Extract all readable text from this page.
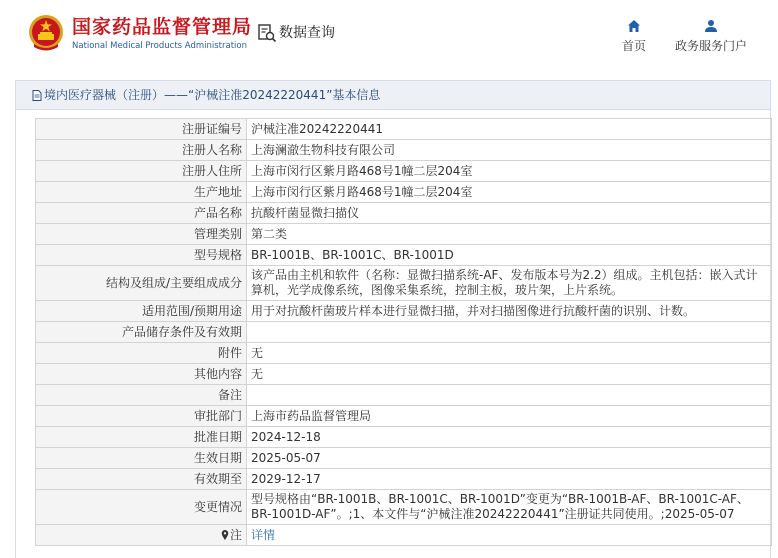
国家药品监督管理局
National Medical Products Administration
数据查询
首页 政务服务门户
境内医疗器械（注册）——“沪械注准20242220441”基本信息
注册证编号	沪械注准20242220441
注册人名称	上海澜澈生物科技有限公司
注册人住所	上海市闵行区紫月路468号1幢二层204室
生产地址	上海市闵行区紫月路468号1幢二层204室
产品名称	抗酸杆菌显微扫描仪
管理类别	第二类
型号规格	BR-1001B、BR-1001C、BR-1001D
结构及组成/主要组成成分	该产品由主机和软件（名称：显微扫描系统-AF、发布版本号为2.2）组成。主机包括：嵌入式计算机，光学成像系统，图像采集系统，控制主板，玻片架，上片系统。
适用范围/预期用途	用于对抗酸杆菌玻片样本进行显微扫描，并对扫描图像进行抗酸杆菌的识别、计数。
产品储存条件及有效期	
附件	无
其他内容	无
备注	
审批部门	上海市药品监督管理局
批准日期	2024-12-18
生效日期	2025-05-07
有效期至	2029-12-17
变更情况	型号规格由“BR-1001B、BR-1001C、BR-1001D”变更为“BR-1001B-AF、BR-1001C-AF、BR-1001D-AF”。;1、本文件与“沪械注准20242220441”注册证共同使用。;2025-05-07
注	详情
